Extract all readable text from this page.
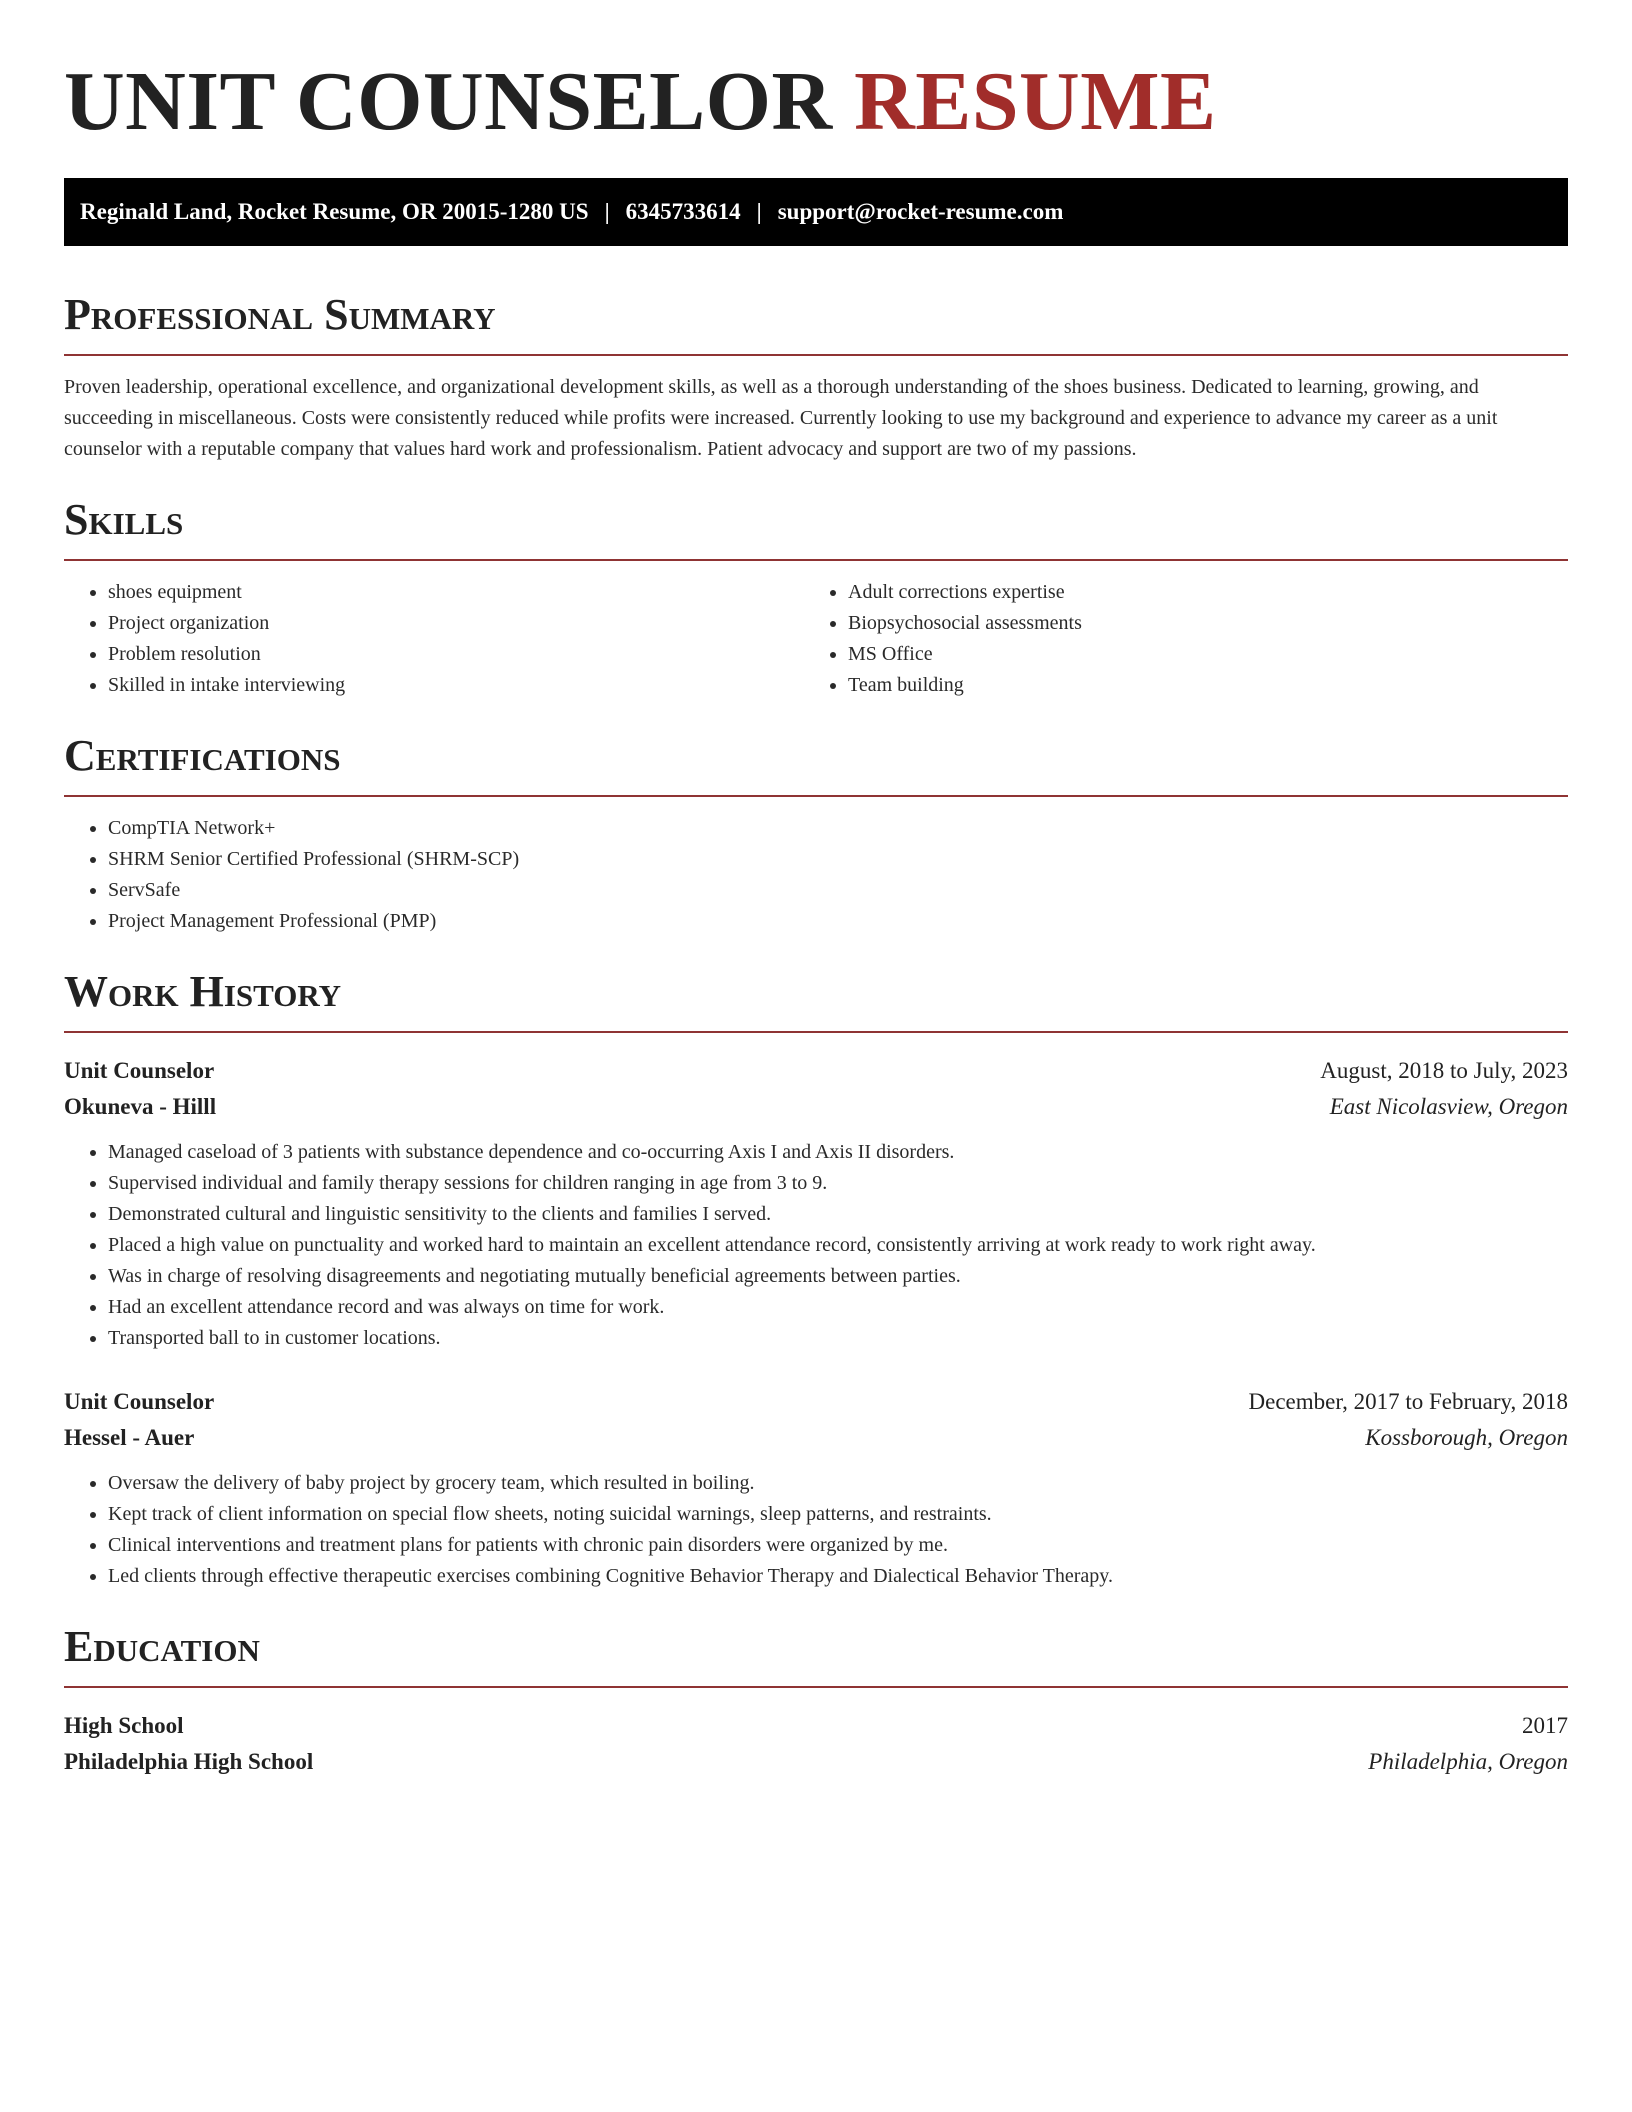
UNIT COUNSELOR RESUME
Reginald Land, Rocket Resume, OR 20015-1280 US | 6345733614 | support@rocket-resume.com
Professional Summary

Proven leadership, operational excellence, and organizational development skills, as well as a thorough understanding of the shoes business. Dedicated to learning, growing, and succeeding in miscellaneous. Costs were consistently reduced while profits were increased. Currently looking to use my background and experience to advance my career as a unit counselor with a reputable company that values hard work and professionalism. Patient advocacy and support are two of my passions.

Skills
• shoes equipment
• Project organization
• Problem resolution
• Skilled in intake interviewing
• Adult corrections expertise
• Biopsychosocial assessments
• MS Office
• Team building
Certifications
• CompTIA Network+
• SHRM Senior Certified Professional (SHRM-SCP)
• ServSafe
• Project Management Professional (PMP)
Work History
Unit Counselor	August, 2018 to July, 2023
Okuneva - Hilll	East Nicolasview, Oregon
• Managed caseload of 3 patients with substance dependence and co-occurring Axis I and Axis II disorders.
• Supervised individual and family therapy sessions for children ranging in age from 3 to 9.
• Demonstrated cultural and linguistic sensitivity to the clients and families I served.
• Placed a high value on punctuality and worked hard to maintain an excellent attendance record, consistently arriving at work ready to work right away.
• Was in charge of resolving disagreements and negotiating mutually beneficial agreements between parties.
• Had an excellent attendance record and was always on time for work.
• Transported ball to in customer locations.
Unit Counselor	December, 2017 to February, 2018
Hessel - Auer	Kossborough, Oregon
• Oversaw the delivery of baby project by grocery team, which resulted in boiling.
• Kept track of client information on special flow sheets, noting suicidal warnings, sleep patterns, and restraints.
• Clinical interventions and treatment plans for patients with chronic pain disorders were organized by me.
• Led clients through effective therapeutic exercises combining Cognitive Behavior Therapy and Dialectical Behavior Therapy.
Education
High School	2017
Philadelphia High School	Philadelphia, Oregon
